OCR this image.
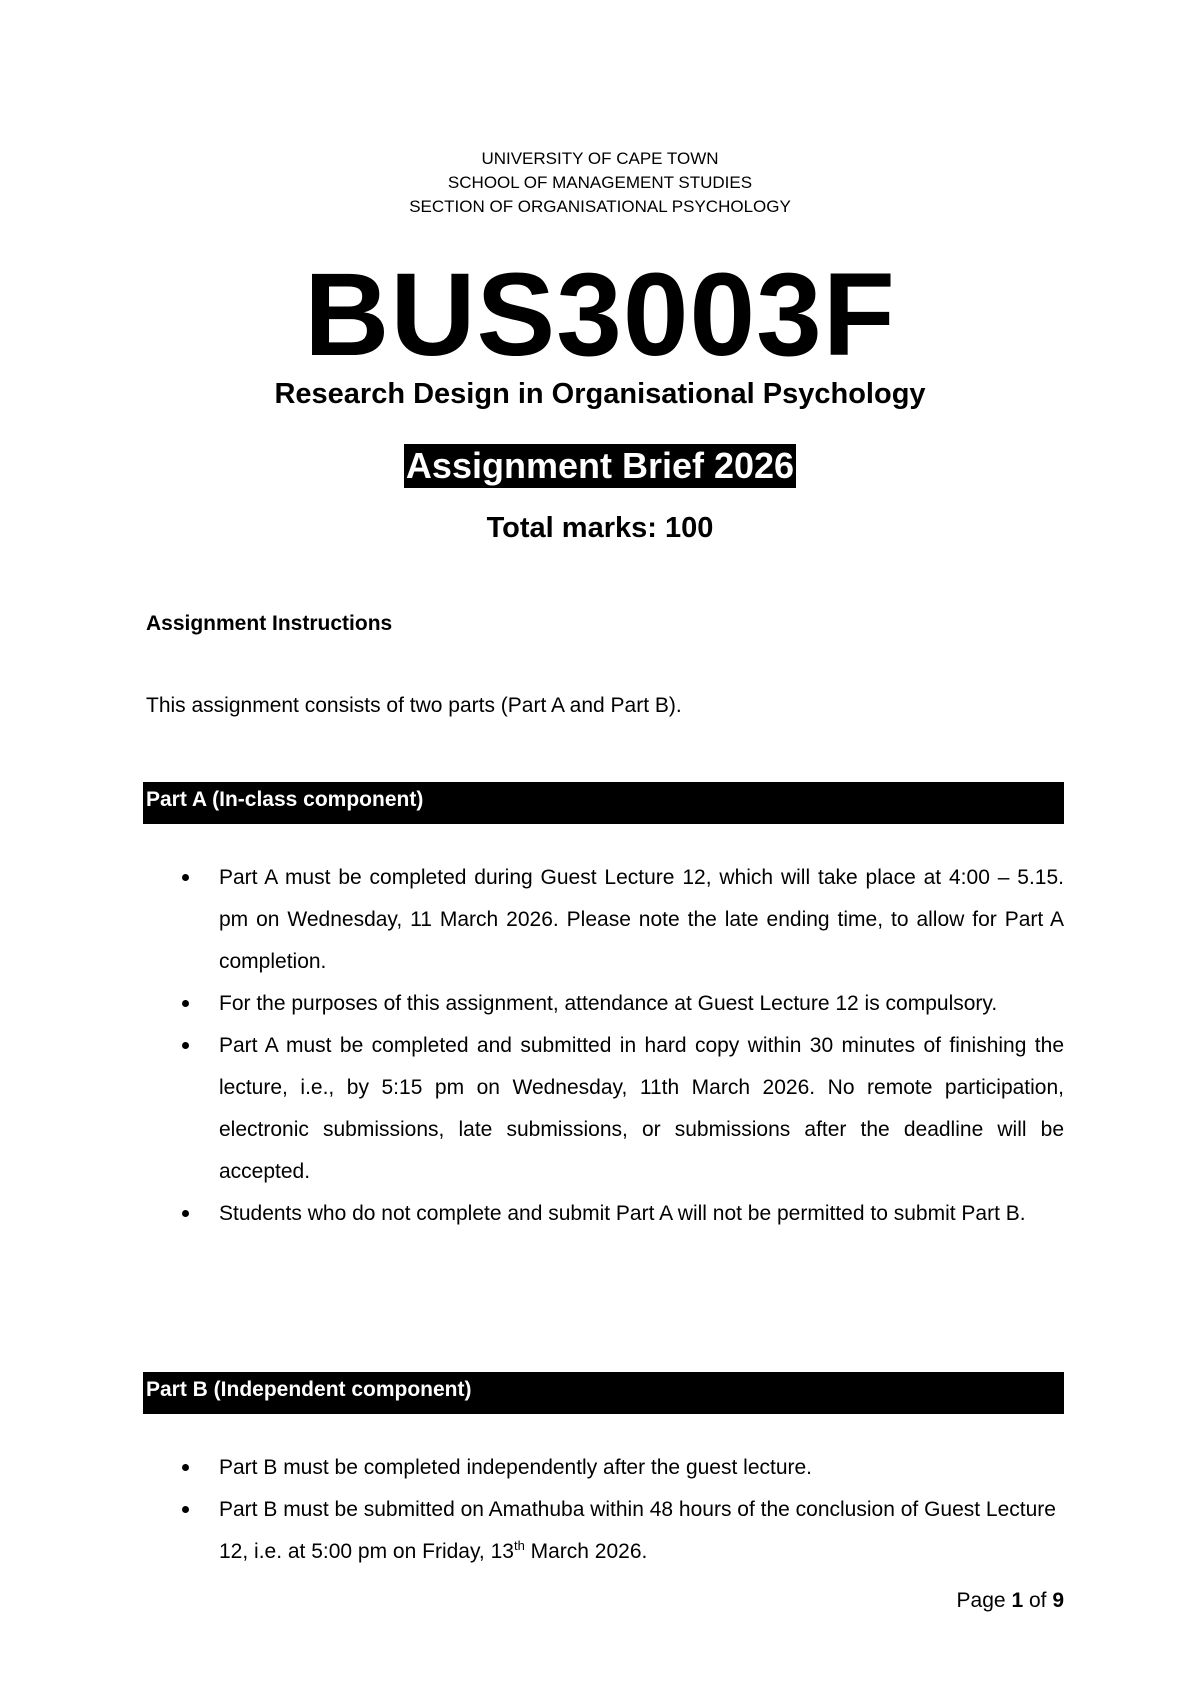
UNIVERSITY OF CAPE TOWN
SCHOOL OF MANAGEMENT STUDIES
SECTION OF ORGANISATIONAL PSYCHOLOGY
BUS3003F
Research Design in Organisational Psychology
Assignment Brief 2026
Total marks: 100
Assignment Instructions
This assignment consists of two parts (Part A and Part B).
Part A (In-class component)
Part A must be completed during Guest Lecture 12, which will take place at 4:00 – 5.15. pm on Wednesday, 11 March 2026. Please note the late ending time, to allow for Part A completion.
For the purposes of this assignment, attendance at Guest Lecture 12 is compulsory.
Part A must be completed and submitted in hard copy within 30 minutes of finishing the lecture, i.e., by 5:15 pm on Wednesday, 11th March 2026. No remote participation, electronic submissions, late submissions, or submissions after the deadline will be accepted.
Students who do not complete and submit Part A will not be permitted to submit Part B.
Part B (Independent component)
Part B must be completed independently after the guest lecture.
Part B must be submitted on Amathuba within 48 hours of the conclusion of Guest Lecture 12, i.e. at 5:00 pm on Friday, 13th March 2026.
Page 1 of 9
